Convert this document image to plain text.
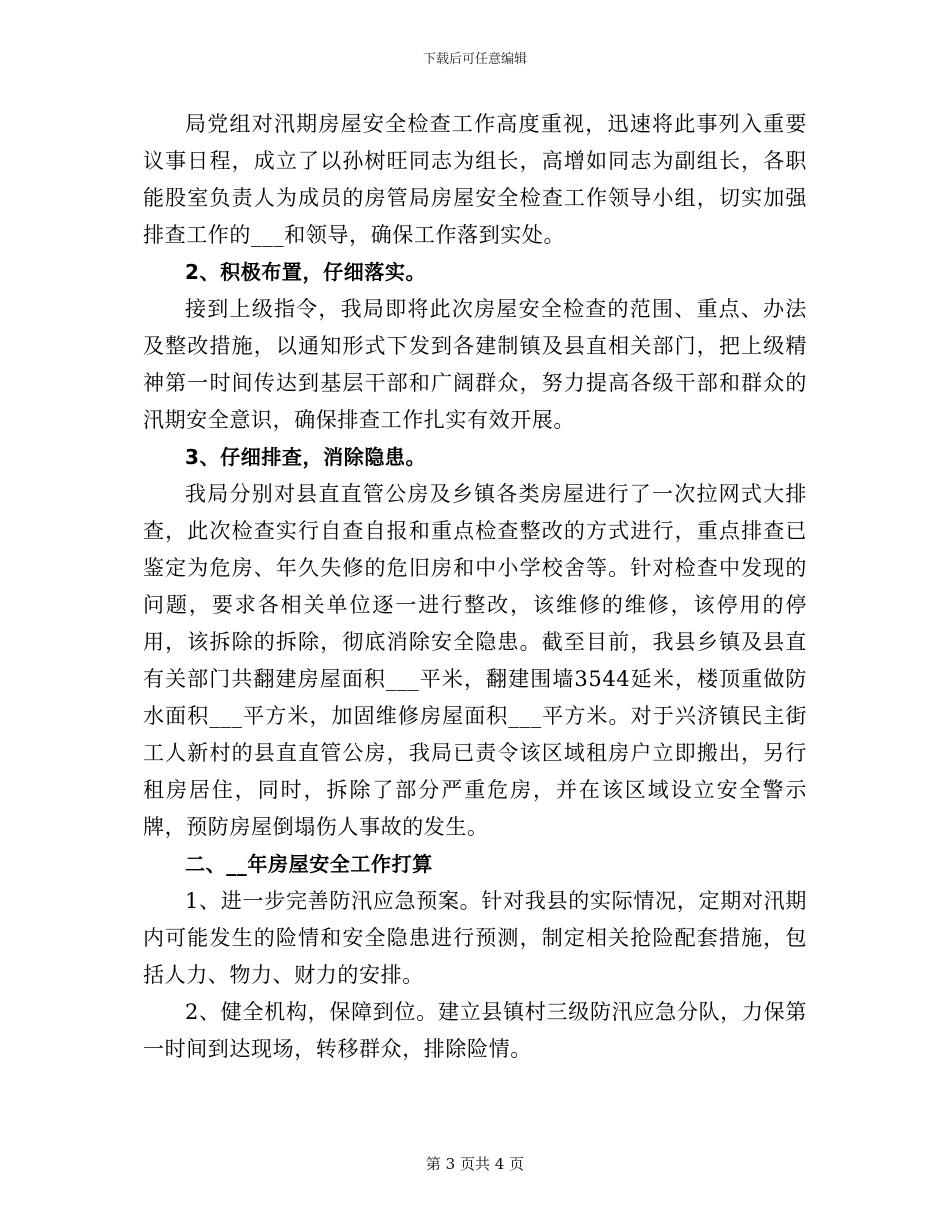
下载后可任意编辑

局党组对汛期房屋安全检查工作高度重视，迅速将此事列入重要议事日程，成立了以孙树旺同志为组长，高增如同志为副组长，各职能股室负责人为成员的房管局房屋安全检查工作领导小组，切实加强排查工作的___和领导，确保工作落到实处。

2、积极布置，仔细落实。

接到上级指令，我局即将此次房屋安全检查的范围、重点、办法及整改措施，以通知形式下发到各建制镇及县直相关部门，把上级精神第一时间传达到基层干部和广阔群众，努力提高各级干部和群众的汛期安全意识，确保排查工作扎实有效开展。

3、仔细排查，消除隐患。

我局分别对县直直管公房及乡镇各类房屋进行了一次拉网式大排查，此次检查实行自查自报和重点检查整改的方式进行，重点排查已鉴定为危房、年久失修的危旧房和中小学校舍等。针对检查中发现的问题，要求各相关单位逐一进行整改，该维修的维修，该停用的停用，该拆除的拆除，彻底消除安全隐患。截至目前，我县乡镇及县直有关部门共翻建房屋面积___平米，翻建围墙3544延米，楼顶重做防水面积___平方米，加固维修房屋面积___平方米。对于兴济镇民主街工人新村的县直直管公房，我局已责令该区域租房户立即搬出，另行租房居住，同时，拆除了部分严重危房，并在该区域设立安全警示牌，预防房屋倒塌伤人事故的发生。

二、__年房屋安全工作打算

1、进一步完善防汛应急预案。针对我县的实际情况，定期对汛期内可能发生的险情和安全隐患进行预测，制定相关抢险配套措施，包括人力、物力、财力的安排。

2、健全机构，保障到位。建立县镇村三级防汛应急分队，力保第一时间到达现场，转移群众，排除险情。

第 3 页共 4 页
